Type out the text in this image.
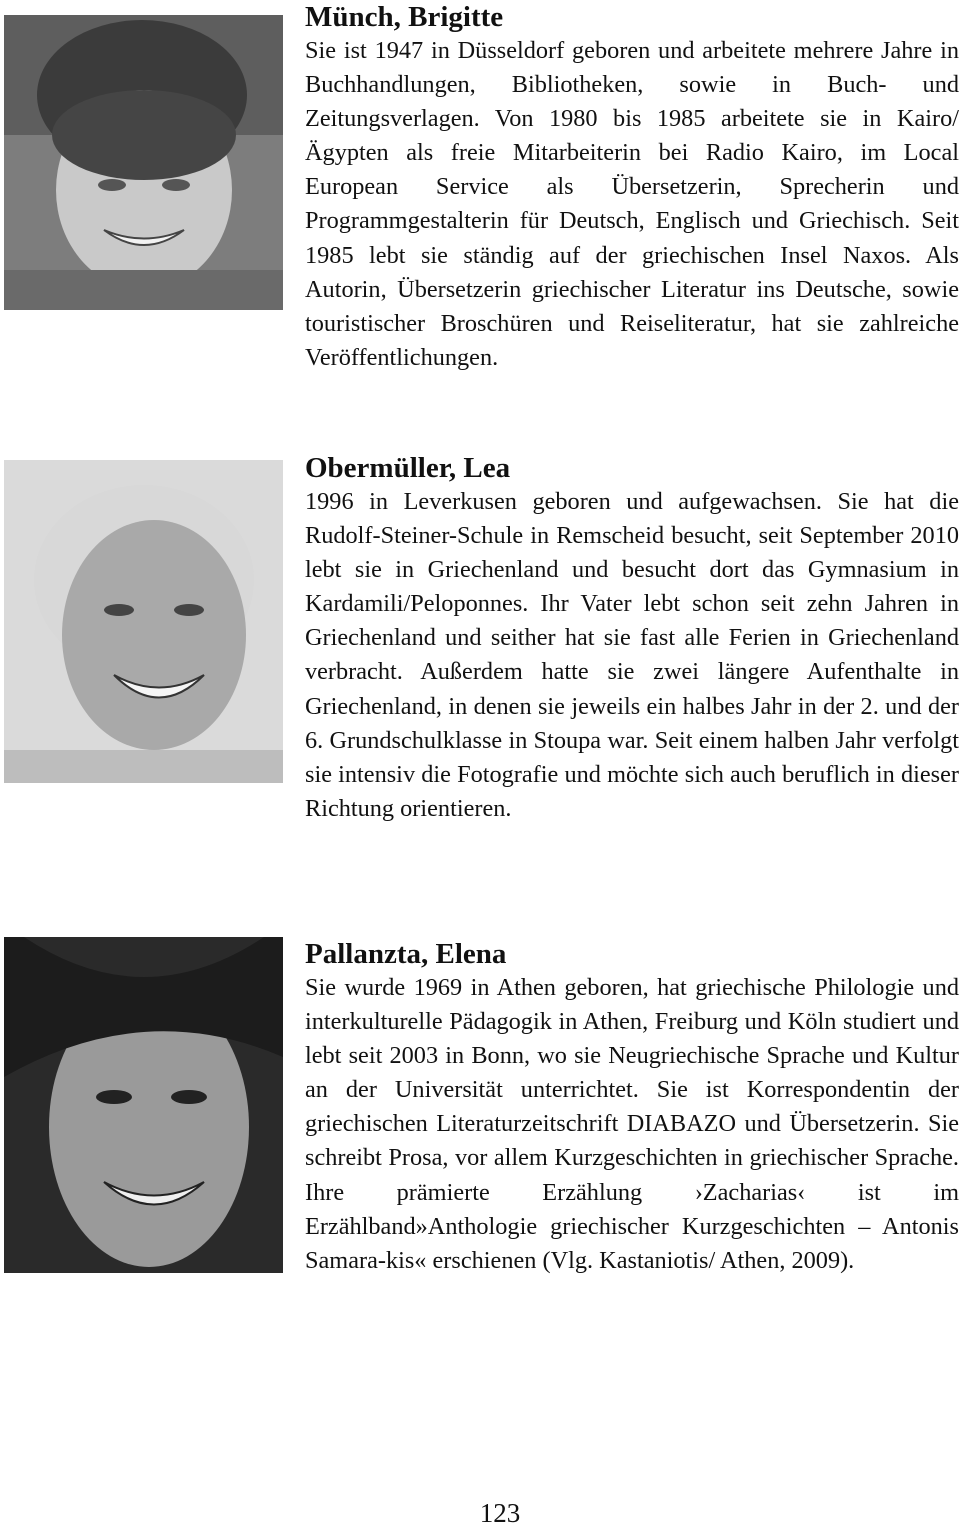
Münch, Brigitte

Sie ist 1947 in Düsseldorf geboren und arbeitete mehrere Jahre in Buchhandlungen, Bibliotheken, sowie in Buch- und Zeitungsverlagen. Von 1980 bis 1985 arbeitete sie in Kairo/Ägypten als freie Mitarbeiterin bei Radio Kairo, im Local European Service als Übersetzerin, Sprecherin und Programmgestalterin für Deutsch, Englisch und Griechisch. Seit 1985 lebt sie ständig auf der griechischen Insel Naxos. Als Autorin, Übersetzerin griechischer Literatur ins Deutsche, sowie touristischer Broschüren und Reiseliteratur, hat sie zahlreiche Veröffentlichungen.

Obermüller, Lea

1996 in Leverkusen geboren und aufgewachsen. Sie hat die Rudolf-Steiner-Schule in Remscheid besucht, seit September 2010 lebt sie in Griechenland und besucht dort das Gymnasium in Kardamili/Peloponnes. Ihr Vater lebt schon seit zehn Jahren in Griechenland und seither hat sie fast alle Ferien in Griechenland verbracht. Außerdem hatte sie zwei längere Aufenthalte in Griechenland, in denen sie jeweils ein halbes Jahr in der 2. und der 6. Grundschulklasse in Stoupa war. Seit einem halben Jahr verfolgt sie intensiv die Fotografie und möchte sich auch beruflich in dieser Richtung orientieren.

Pallanzta, Elena

Sie wurde 1969 in Athen geboren, hat griechische Philologie und interkulturelle Pädagogik in Athen, Freiburg und Köln studiert und lebt seit 2003 in Bonn, wo sie Neugriechische Sprache und Kultur an der Universität unterrichtet. Sie ist Korrespondentin der griechischen Literaturzeitschrift DIABAZO und Übersetzerin. Sie schreibt Prosa, vor allem Kurzgeschichten in griechischer Sprache. Ihre prämierte Erzählung ›Zacharias‹ ist im Erzählband»Anthologie griechischer Kurzgeschichten – Antonis Samara-kis« erschienen (Vlg. Kastaniotis/ Athen, 2009).

123
